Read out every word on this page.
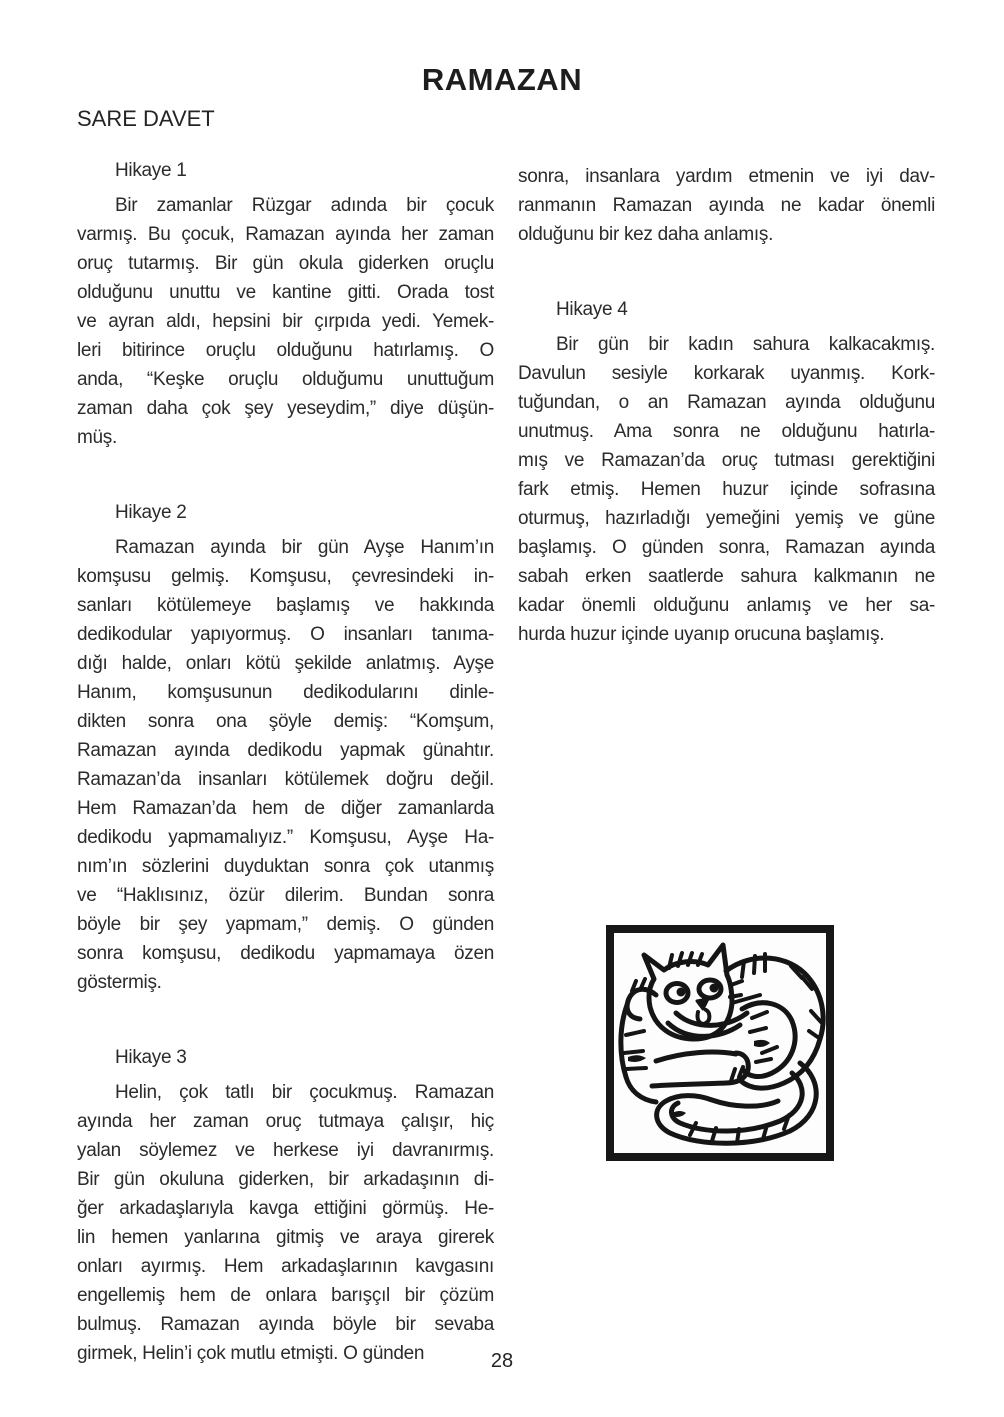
RAMAZAN
SARE DAVET
Hikaye 1
Bir zamanlar Rüzgar adında bir çocuk
varmış. Bu çocuk, Ramazan ayında her zaman
oruç tutarmış. Bir gün okula giderken oruçlu
olduğunu unuttu ve kantine gitti. Orada tost
ve ayran aldı, hepsini bir çırpıda yedi. Yemek-
leri bitirince oruçlu olduğunu hatırlamış. O
anda, “Keşke oruçlu olduğumu unuttuğum
zaman daha çok şey yeseydim,” diye düşün-
müş.
Hikaye 2
Ramazan ayında bir gün Ayşe Hanım’ın
komşusu gelmiş. Komşusu, çevresindeki in-
sanları kötülemeye başlamış ve hakkında
dedikodular yapıyormuş. O insanları tanıma-
dığı halde, onları kötü şekilde anlatmış. Ayşe
Hanım, komşusunun dedikodularını dinle-
dikten sonra ona şöyle demiş: “Komşum,
Ramazan ayında dedikodu yapmak günahtır.
Ramazan’da insanları kötülemek doğru değil.
Hem Ramazan’da hem de diğer zamanlarda
dedikodu yapmamalıyız.” Komşusu, Ayşe Ha-
nım’ın sözlerini duyduktan sonra çok utanmış
ve “Haklısınız, özür dilerim. Bundan sonra
böyle bir şey yapmam,” demiş. O günden
sonra komşusu, dedikodu yapmamaya özen
göstermiş.
Hikaye 3
Helin, çok tatlı bir çocukmuş. Ramazan
ayında her zaman oruç tutmaya çalışır, hiç
yalan söylemez ve herkese iyi davranırmış.
Bir gün okuluna giderken, bir arkadaşının di-
ğer arkadaşlarıyla kavga ettiğini görmüş. He-
lin hemen yanlarına gitmiş ve araya girerek
onları ayırmış. Hem arkadaşlarının kavgasını
engellemiş hem de onlara barışçıl bir çözüm
bulmuş. Ramazan ayında böyle bir sevaba
girmek, Helin’i çok mutlu etmişti. O günden
sonra, insanlara yardım etmenin ve iyi dav-
ranmanın Ramazan ayında ne kadar önemli
olduğunu bir kez daha anlamış.
Hikaye 4
Bir gün bir kadın sahura kalkacakmış.
Davulun sesiyle korkarak uyanmış. Kork-
tuğundan, o an Ramazan ayında olduğunu
unutmuş. Ama sonra ne olduğunu hatırla-
mış ve Ramazan’da oruç tutması gerektiğini
fark etmiş. Hemen huzur içinde sofrasına
oturmuş, hazırladığı yemeğini yemiş ve güne
başlamış. O günden sonra, Ramazan ayında
sabah erken saatlerde sahura kalkmanın ne
kadar önemli olduğunu anlamış ve her sa-
hurda huzur içinde uyanıp orucuna başlamış.
28
